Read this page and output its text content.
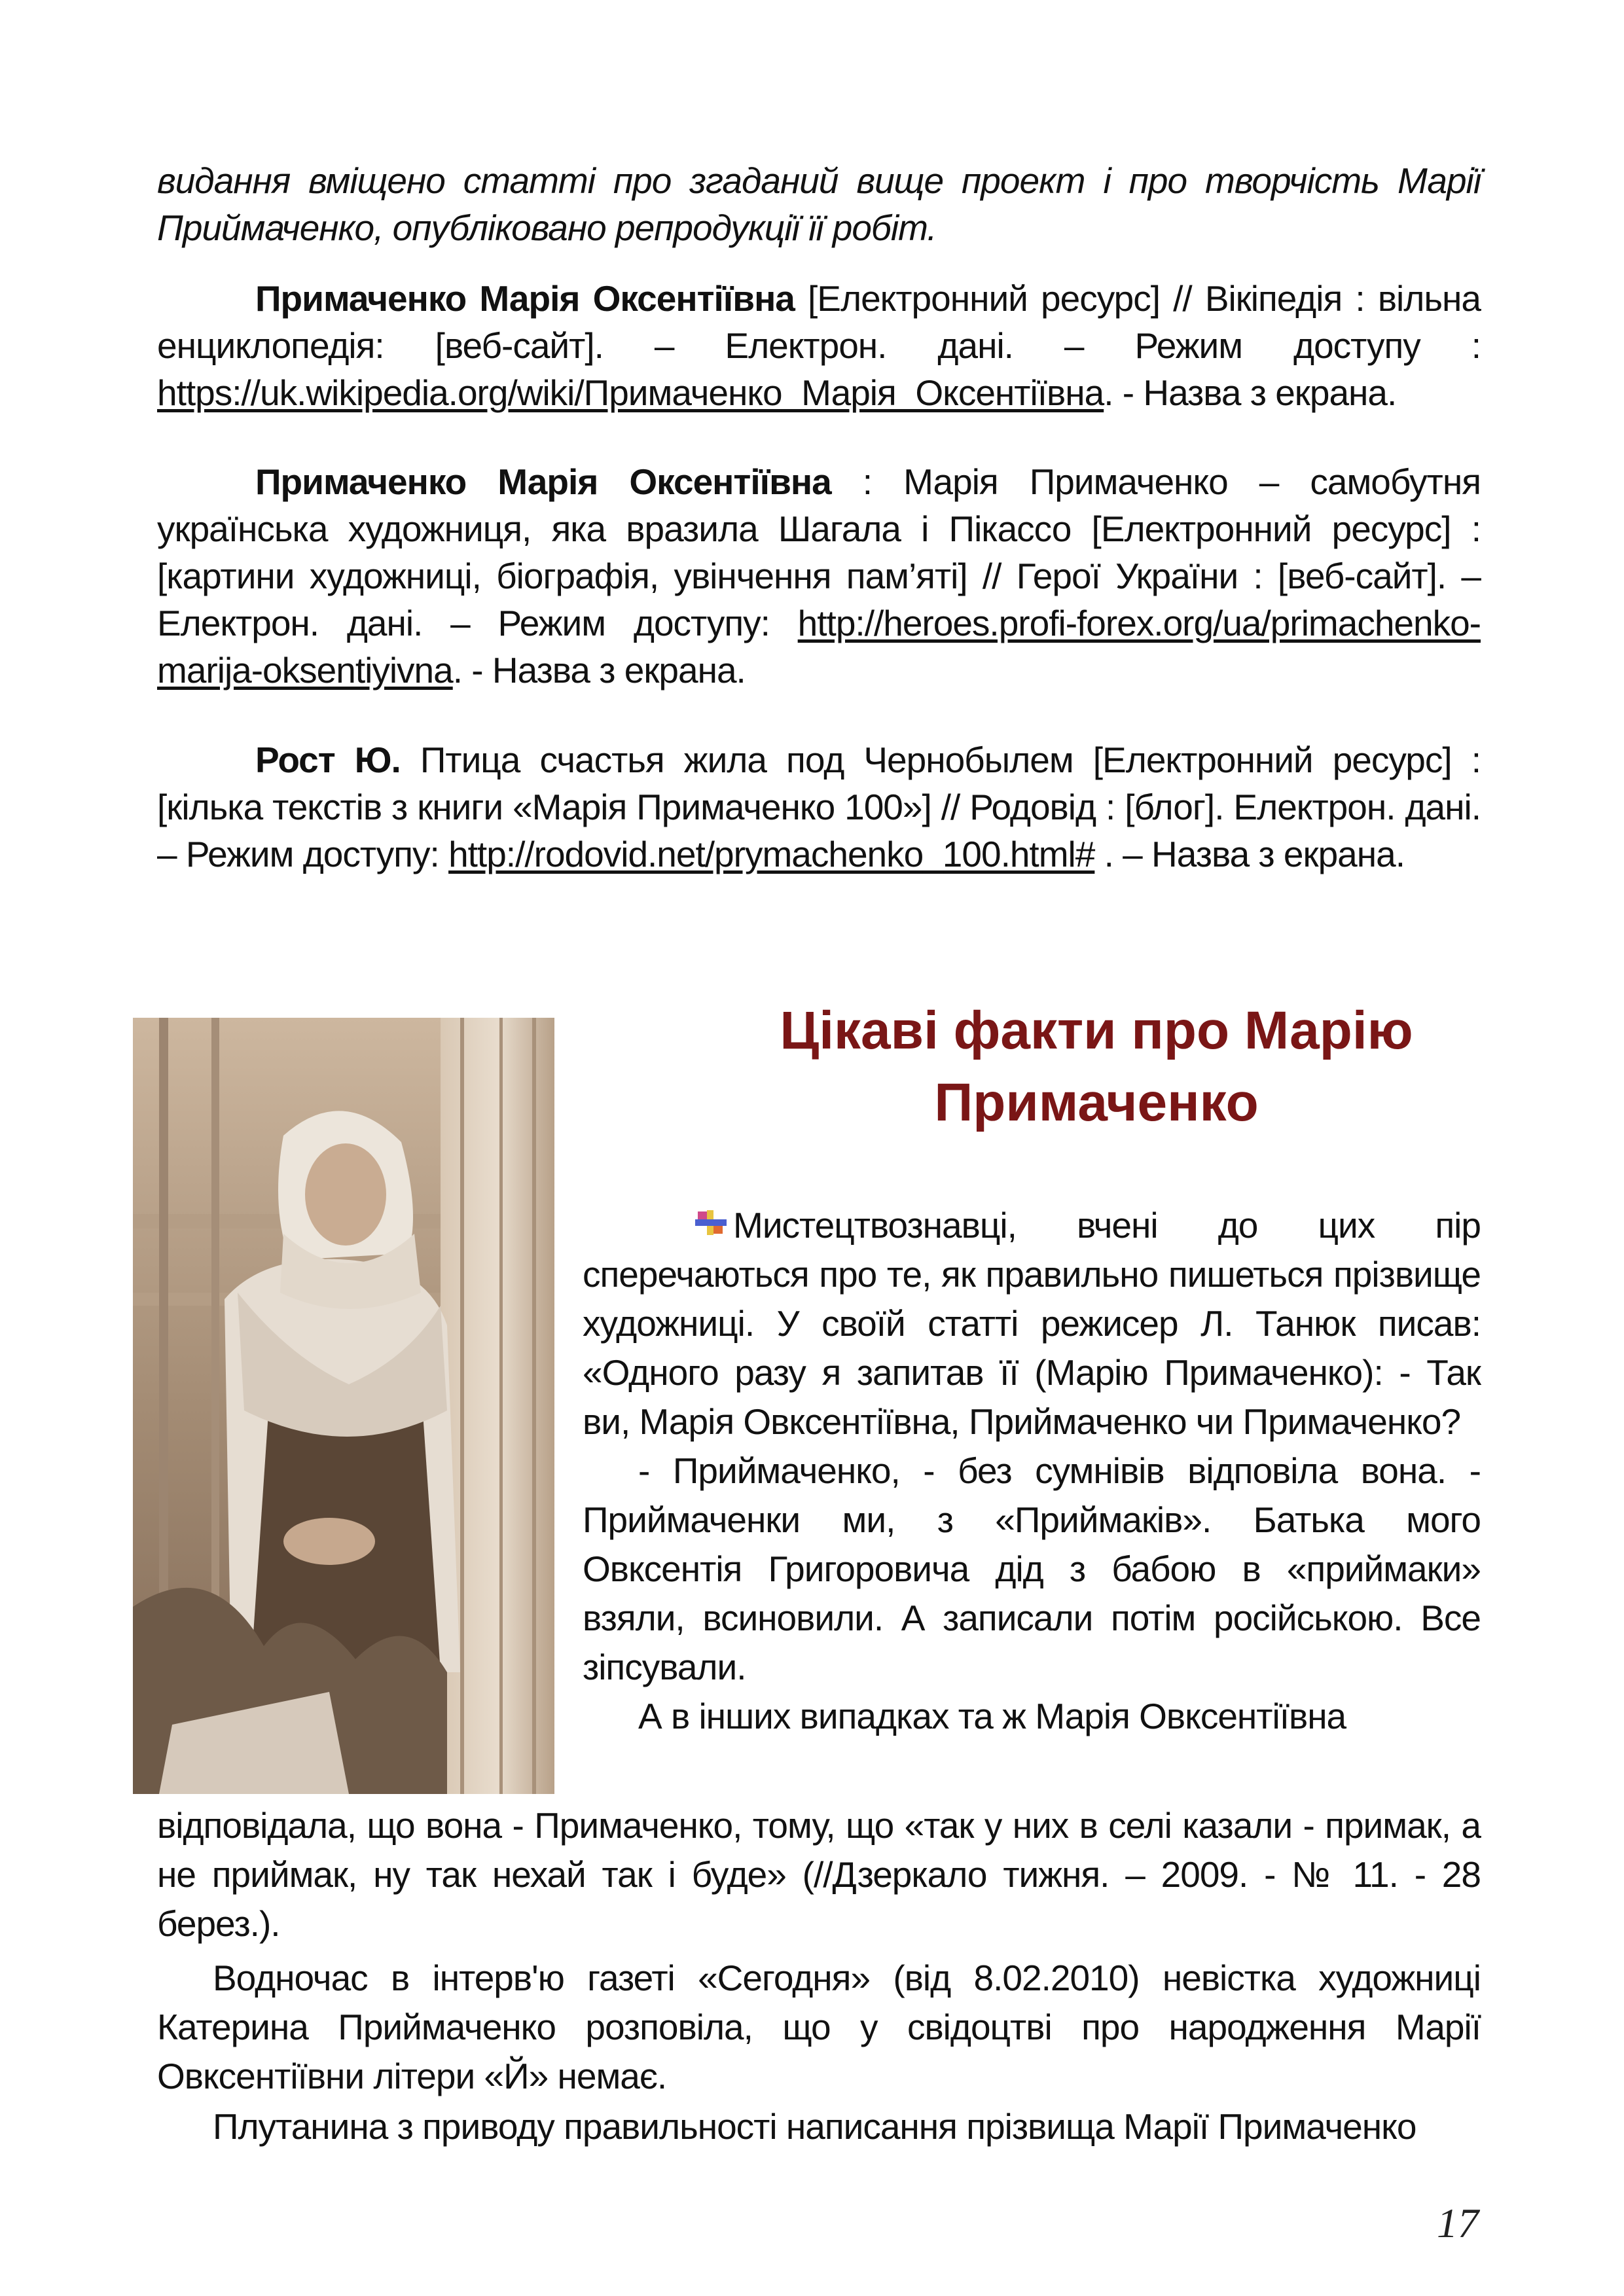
видання вміщено статті про згаданий вище проект і про творчість Марії Приймаченко, опубліковано репродукції її робіт.

Примаченко Марія Оксентіївна [Електронний ресурс] // Вікіпедія : вільна енциклопедія: [веб-сайт]. – Електрон. дані. – Режим доступу : https://uk.wikipedia.org/wiki/Примаченко_Марія_Оксентіївна. - Назва з екрана.

Примаченко Марія Оксентіївна : Марія Примаченко – самобутня українська художниця, яка вразила Шагала і Пікассо [Електронний ресурс] : [картини художниці, біографія, увінчення пам’яті] // Герої України : [веб-сайт]. – Електрон. дані. – Режим доступу: http://heroes.profi-forex.org/ua/primachenko-marija-oksentiyivna. - Назва з екрана.

Рост Ю. Птица счастья жила под Чернобылем [Електронний ресурс] : [кілька текстів з книги «Марія Примаченко 100»] // Родовід : [блог]. Електрон. дані. – Режим доступу: http://rodovid.net/prymachenko_100.html# . – Назва з екрана.

Цікаві факти про Марію
Примаченко
Мистецтвознавці, вчені до цих пір сперечаються про те, як правильно пишеться прізвище художниці. У своїй статті режисер Л. Танюк писав: «Одного разу я запитав її (Марію Примаченко): - Так ви, Марія Овксентіївна, Приймаченко чи Примаченко?
- Приймаченко, - без сумнівів відповіла вона. - Приймаченки ми, з «Приймаків». Батька мого Овксентія Григоровича дід з бабою в «приймаки» взяли, всиновили. А записали потім російською. Все зіпсували.
А в інших випадках та ж Марія Овксентіївна

відповідала, що вона - Примаченко, тому, що «так у них в селі казали - примак, а не приймак, ну так нехай так і буде» (//Дзеркало тижня. – 2009. - № 11. - 28 берез.).

Водночас в інтерв'ю газеті «Сегодня» (від 8.02.2010) невістка художниці Катерина Приймаченко розповіла, що у свідоцтві про народження Марії Овксентіївни літери «Й» немає.

Плутанина з приводу правильності написання прізвища Марії Примаченко

17
